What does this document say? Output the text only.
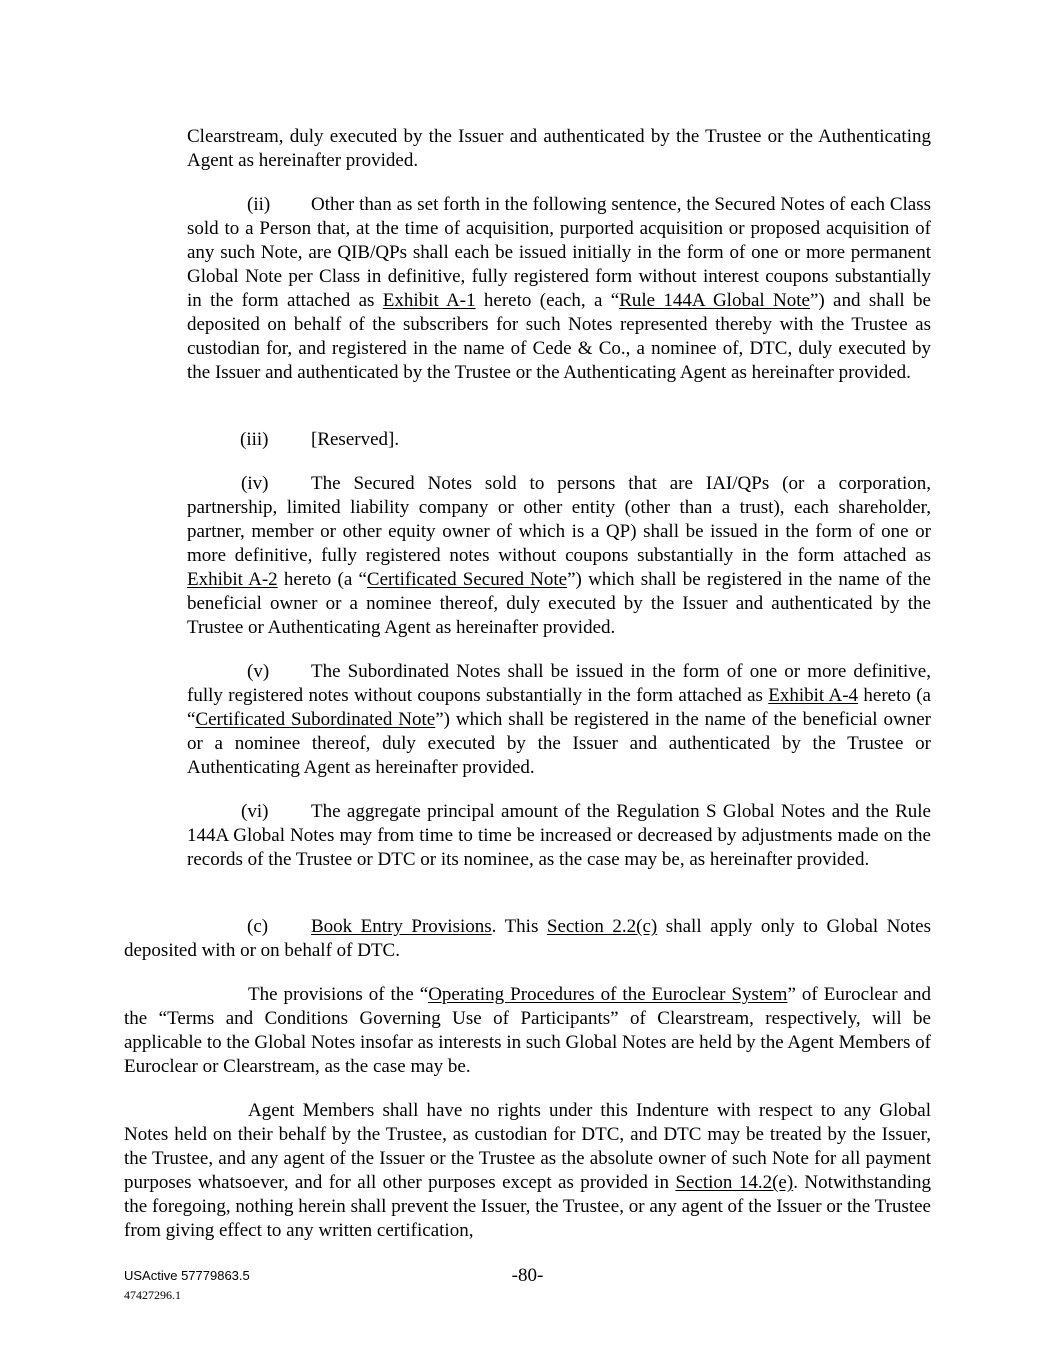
Clearstream, duly executed by the Issuer and authenticated by the Trustee or the Authenticating Agent as hereinafter provided.

(ii) Other than as set forth in the following sentence, the Secured Notes of each Class sold to a Person that, at the time of acquisition, purported acquisition or proposed acquisition of any such Note, are QIB/QPs shall each be issued initially in the form of one or more permanent Global Note per Class in definitive, fully registered form without interest coupons substantially in the form attached as Exhibit A-1 hereto (each, a “Rule 144A Global Note”) and shall be deposited on behalf of the subscribers for such Notes represented thereby with the Trustee as custodian for, and registered in the name of Cede & Co., a nominee of, DTC, duly executed by the Issuer and authenticated by the Trustee or the Authenticating Agent as hereinafter provided.

(iii) [Reserved].

(iv) The Secured Notes sold to persons that are IAI/QPs (or a corporation, partnership, limited liability company or other entity (other than a trust), each shareholder, partner, member or other equity owner of which is a QP) shall be issued in the form of one or more definitive, fully registered notes without coupons substantially in the form attached as Exhibit A-2 hereto (a “Certificated Secured Note”) which shall be registered in the name of the beneficial owner or a nominee thereof, duly executed by the Issuer and authenticated by the Trustee or Authenticating Agent as hereinafter provided.

(v) The Subordinated Notes shall be issued in the form of one or more definitive, fully registered notes without coupons substantially in the form attached as Exhibit A-4 hereto (a “Certificated Subordinated Note”) which shall be registered in the name of the beneficial owner or a nominee thereof, duly executed by the Issuer and authenticated by the Trustee or Authenticating Agent as hereinafter provided.

(vi) The aggregate principal amount of the Regulation S Global Notes and the Rule 144A Global Notes may from time to time be increased or decreased by adjustments made on the records of the Trustee or DTC or its nominee, as the case may be, as hereinafter provided.

(c) Book Entry Provisions. This Section 2.2(c) shall apply only to Global Notes deposited with or on behalf of DTC.

The provisions of the “Operating Procedures of the Euroclear System” of Euroclear and the “Terms and Conditions Governing Use of Participants” of Clearstream, respectively, will be applicable to the Global Notes insofar as interests in such Global Notes are held by the Agent Members of Euroclear or Clearstream, as the case may be.

Agent Members shall have no rights under this Indenture with respect to any Global Notes held on their behalf by the Trustee, as custodian for DTC, and DTC may be treated by the Issuer, the Trustee, and any agent of the Issuer or the Trustee as the absolute owner of such Note for all payment purposes whatsoever, and for all other purposes except as provided in Section 14.2(e). Notwithstanding the foregoing, nothing herein shall prevent the Issuer, the Trustee, or any agent of the Issuer or the Trustee from giving effect to any written certification,

USActive 57779863.5
47427296.1
-80-
